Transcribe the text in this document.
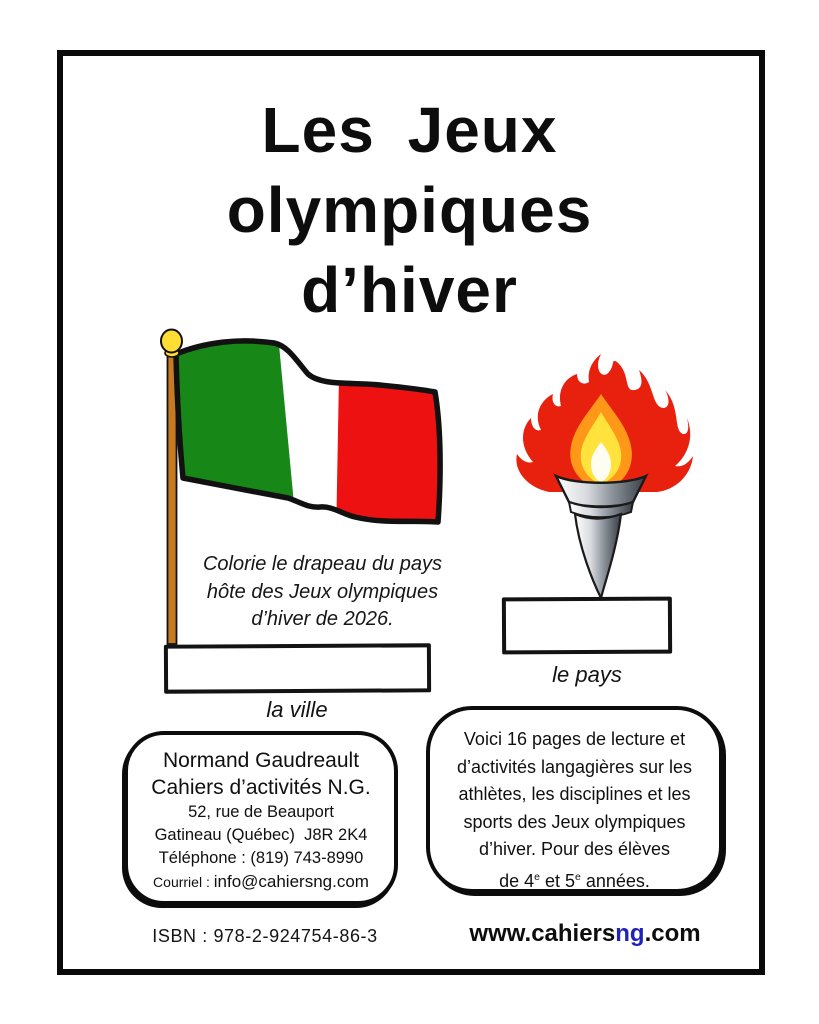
Les Jeux
olympiques
d’hiver
Colorie le drapeau du pays
hôte des Jeux olympiques
d’hiver de 2026.
la ville
le pays
Normand Gaudreault
Cahiers d’activités N.G.
52, rue de Beauport
Gatineau (Québec)  J8R 2K4
Téléphone : (819) 743-8990
Courriel : info@cahiersng.com
Voici 16 pages de lecture et
d’activités langagières sur les
athlètes, les disciplines et les
sports des Jeux olympiques
d’hiver. Pour des élèves
de 4e et 5e années.
ISBN : 978-2-924754-86-3	www.cahiersng.com
